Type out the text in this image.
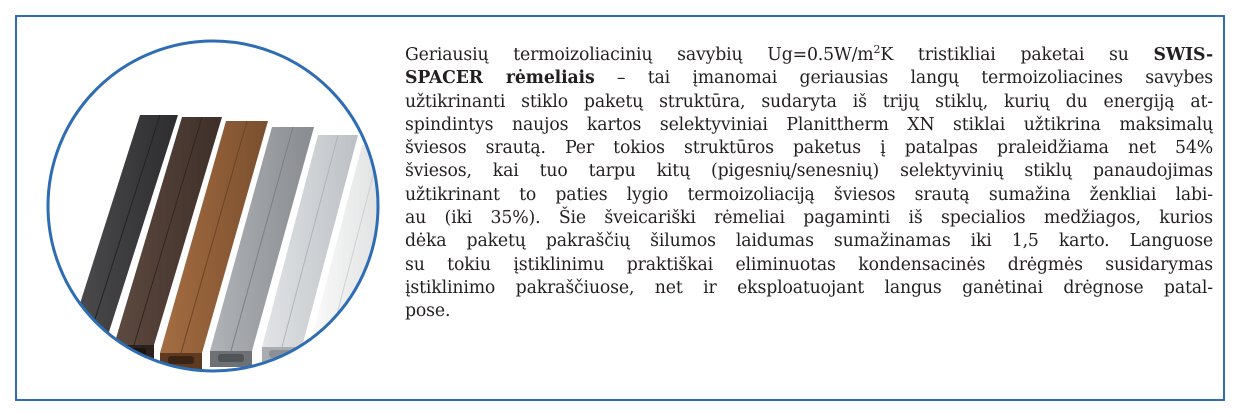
Geriausių termoizoliacinių savybių $Ug=0.5W/m^2K$ tristikliai paketai su SWIS-
SPACER rėmeliais – tai įmanomai geriausias langų termoizoliacines savybes
užtikrinanti stiklo paketų struktūra, sudaryta iš trijų stiklų, kurių du energiją at-
spindintys naujos kartos selektyviniai Planittherm XN stiklai užtikrina maksimalų
šviesos srautą. Per tokios struktūros paketus į patalpas praleidžiama net 54%
šviesos, kai tuo tarpu kitų (pigesnių/senesnių) selektyvinių stiklų panaudojimas
užtikrinant to paties lygio termoizoliaciją šviesos srautą sumažina ženkliai labi-
au (iki 35%). Šie šveicariški rėmeliai pagaminti iš specialios medžiagos, kurios
dėka paketų pakraščių šilumos laidumas sumažinamas iki 1,5 karto. Languose
su tokiu įstiklinimu praktiškai eliminuotas kondensacinės drėgmės susidarymas
įstiklinimo pakraščiuose, net ir eksploatuojant langus ganėtinai drėgnose patal-
pose.
